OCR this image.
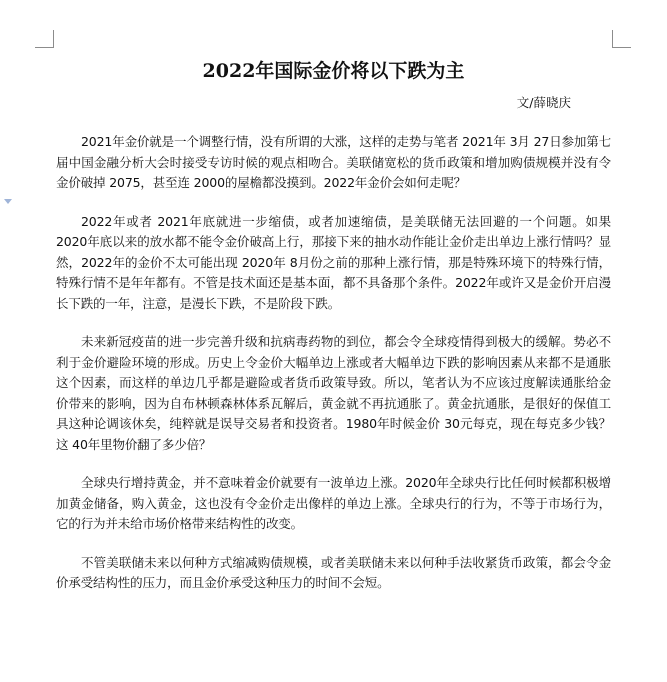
2022年国际金价将以下跌为主

文/薛晓庆

2021年金价就是一个调整行情，没有所谓的大涨，这样的走势与笔者 2021年 3月 27日参加第七届中国金融分析大会时接受专访时候的观点相吻合。美联储宽松的货币政策和增加购债规模并没有令金价破掉 2075，甚至连 2000的屋檐都没摸到。2022年金价会如何走呢？

2022年或者 2021年底就进一步缩债，或者加速缩债，是美联储无法回避的一个问题。如果 2020年底以来的放水都不能令金价破高上行，那接下来的抽水动作能让金价走出单边上涨行情吗？显然，2022年的金价不太可能出现 2020年 8月份之前的那种上涨行情，那是特殊环境下的特殊行情，特殊行情不是年年都有。不管是技术面还是基本面，都不具备那个条件。2022年或许又是金价开启漫长下跌的一年，注意，是漫长下跌，不是阶段下跌。

未来新冠疫苗的进一步完善升级和抗病毒药物的到位，都会令全球疫情得到极大的缓解。势必不利于金价避险环境的形成。历史上令金价大幅单边上涨或者大幅单边下跌的影响因素从来都不是通胀这个因素，而这样的单边几乎都是避险或者货币政策导致。所以，笔者认为不应该过度解读通胀给金价带来的影响，因为自布林顿森林体系瓦解后，黄金就不再抗通胀了。黄金抗通胀，是很好的保值工具这种论调该休矣，纯粹就是误导交易者和投资者。1980年时候金价 30元每克，现在每克多少钱？这 40年里物价翻了多少倍？

全球央行增持黄金，并不意味着金价就要有一波单边上涨。2020年全球央行比任何时候都积极增加黄金储备，购入黄金，这也没有令金价走出像样的单边上涨。全球央行的行为，不等于市场行为，它的行为并未给市场价格带来结构性的改变。

不管美联储未来以何种方式缩减购债规模，或者美联储未来以何种手法收紧货币政策，都会令金价承受结构性的压力，而且金价承受这种压力的时间不会短。
